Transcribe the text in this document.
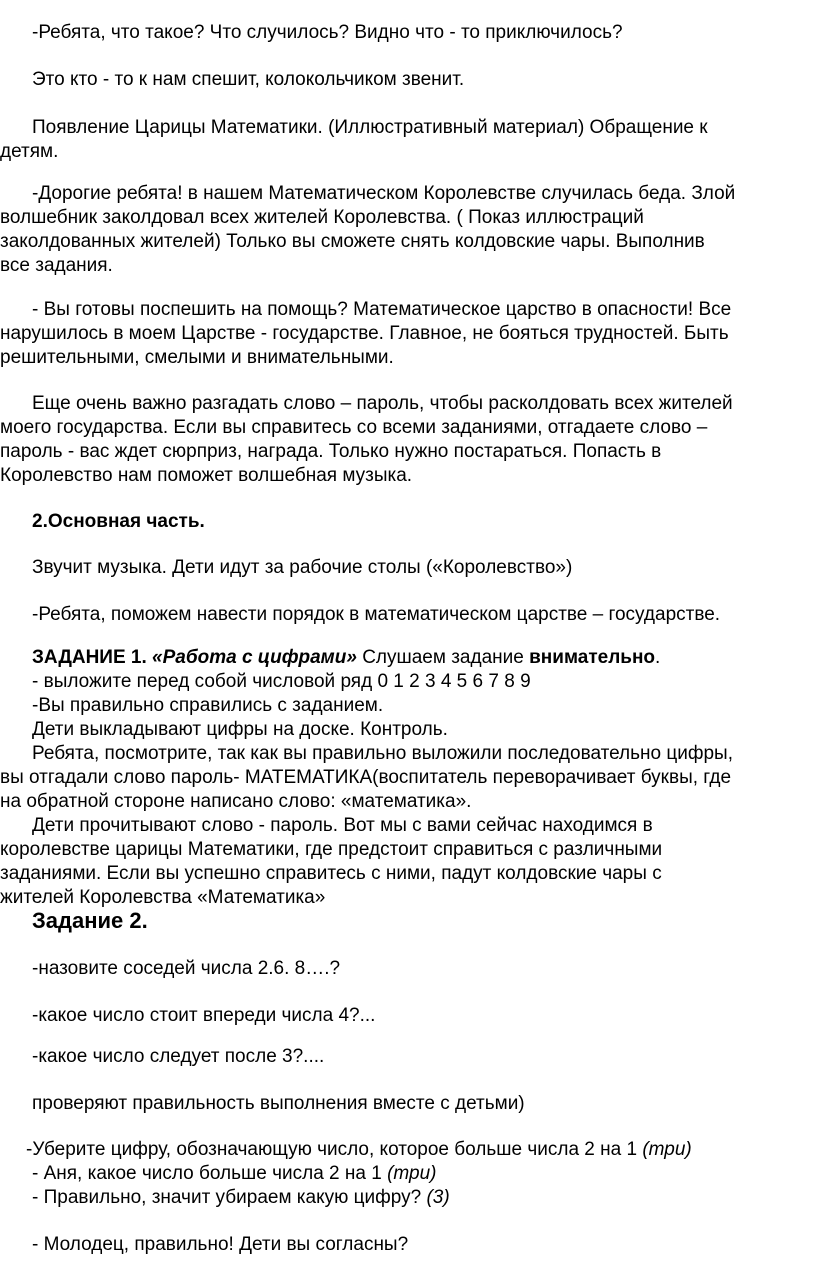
-Ребята, что такое? Что случилось? Видно что - то приключилось?

Это кто - то к нам спешит, колокольчиком звенит.

Появление Царицы Математики. (Иллюстративный материал) Обращение к
детям.

-Дорогие ребята! в нашем Математическом Королевстве случилась беда. Злой
волшебник заколдовал всех жителей Королевства. ( Показ иллюстраций
заколдованных жителей) Только вы сможете снять колдовские чары. Выполнив
все задания.

- Вы готовы поспешить на помощь? Математическое царство в опасности! Все
нарушилось в моем Царстве - государстве. Главное, не бояться трудностей. Быть
решительными, смелыми и внимательными.

Еще очень важно разгадать слово – пароль, чтобы расколдовать всех жителей
моего государства. Если вы справитесь со всеми заданиями, отгадаете слово –
пароль - вас ждет сюрприз, награда. Только нужно постараться. Попасть в
Королевство нам поможет волшебная музыка.

2.Основная часть.

Звучит музыка. Дети идут за рабочие столы («Королевство»)

-Ребята, поможем навести порядок в математическом царстве – государстве.

ЗАДАНИЕ 1. «Работа с цифрами» Слушаем задание внимательно.

- выложите перед собой числовой ряд 0 1 2 3 4 5 6 7 8 9

-Вы правильно справились с заданием.

Дети выкладывают цифры на доске. Контроль.

Ребята, посмотрите, так как вы правильно выложили последовательно цифры,
вы отгадали слово пароль- МАТЕМАТИКА(воспитатель переворачивает буквы, где
на обратной стороне написано слово: «математика».

Дети прочитывают слово - пароль. Вот мы с вами сейчас находимся в
королевстве царицы Математики, где предстоит справиться с различными
заданиями. Если вы успешно справитесь с ними, падут колдовские чары с
жителей Королевства «Математика»

Задание 2.

-назовите соседей числа 2.6. 8….?

-какое число стоит впереди числа 4?...

-какое число следует после 3?....

проверяют правильность выполнения вместе с детьми)

-Уберите цифру, обозначающую число, которое больше числа 2 на 1 (три)

- Аня, какое число больше числа 2 на 1 (три)

- Правильно, значит убираем какую цифру? (3)

- Молодец, правильно! Дети вы согласны?
